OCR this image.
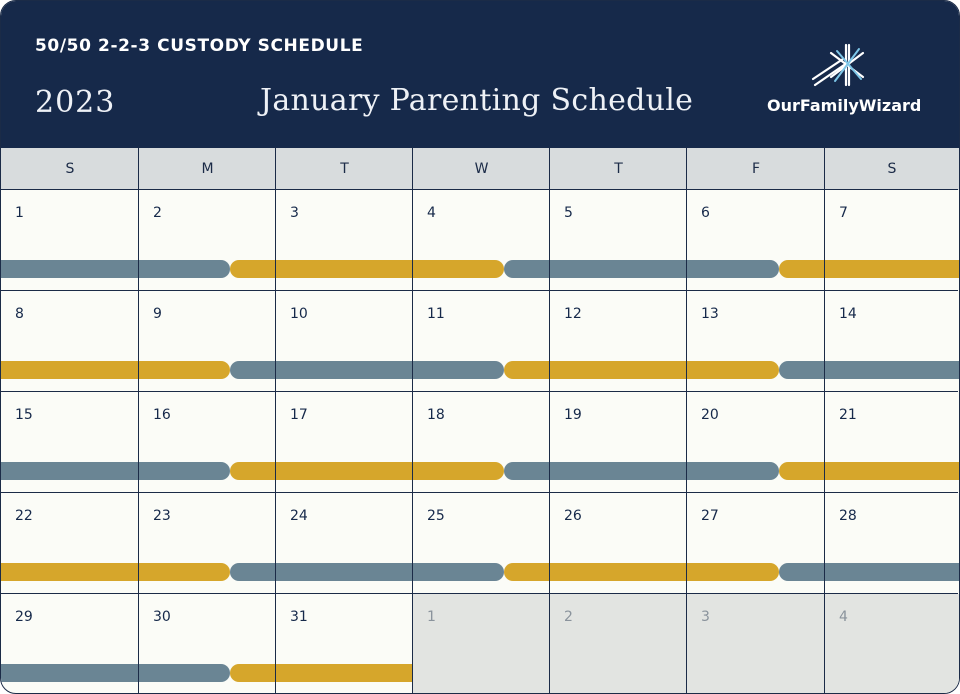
50/50 2-2-3 CUSTODY SCHEDULE
2023	January Parenting Schedule	OurFamilyWizard
S	M	T	W	T	F	S
1	2	3	4	5	6	7
8	9	10	11	12	13	14
15	16	17	18	19	20	21
22	23	24	25	26	27	28
29	30	31	1	2	3	4
